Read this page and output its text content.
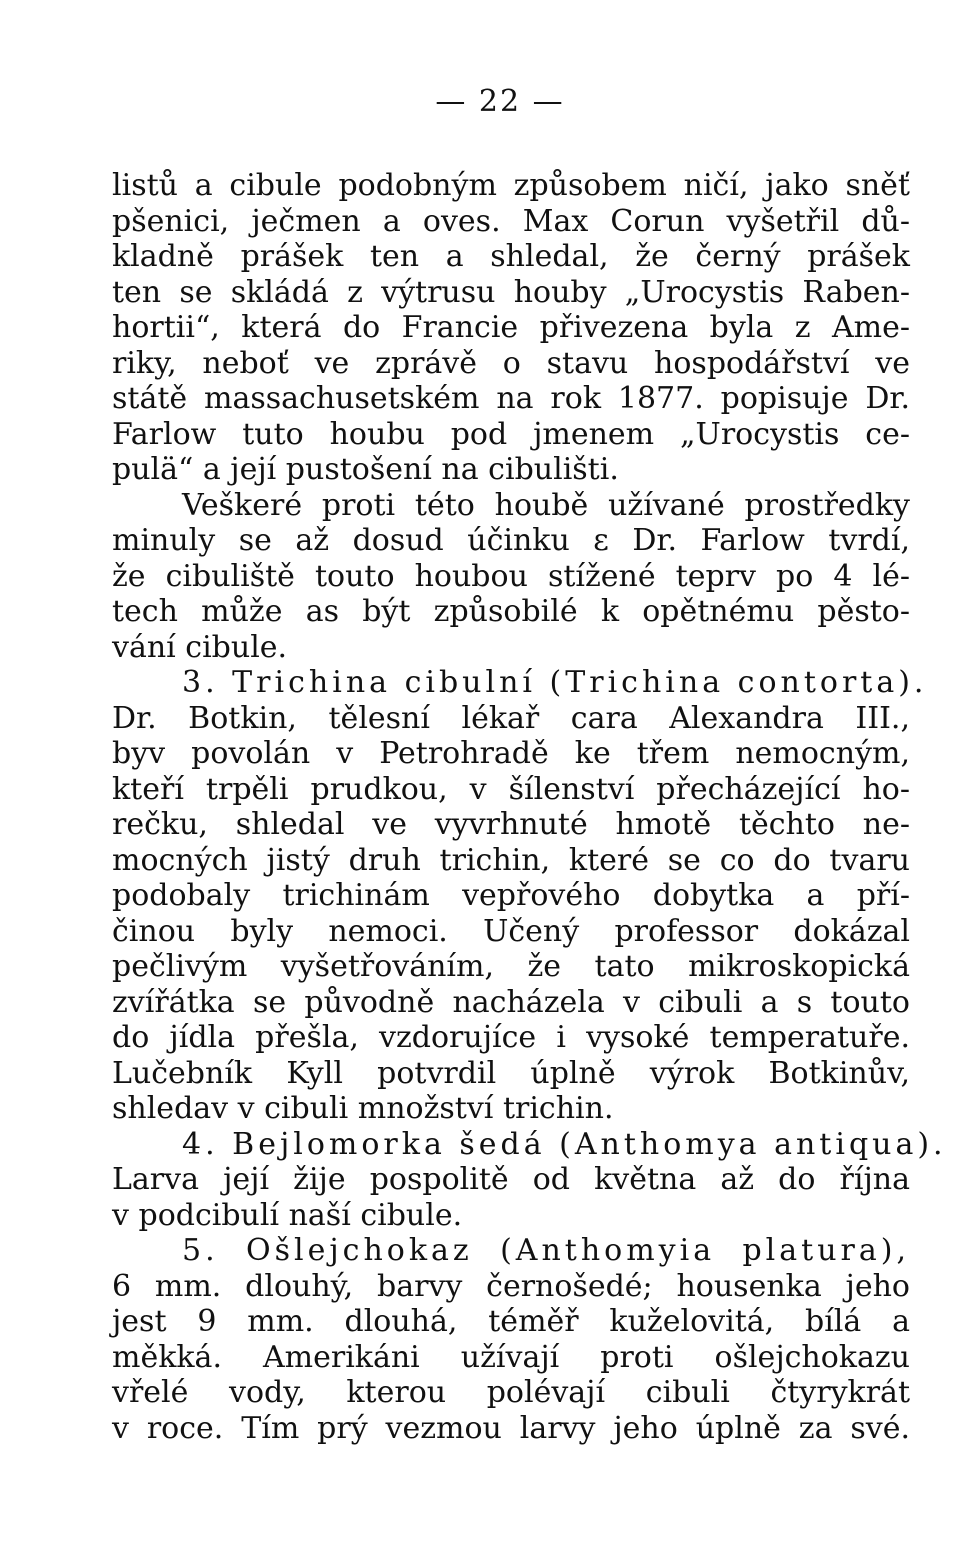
— 22 —
listů a cibule podobným způsobem ničí, jako sněť
pšenici, ječmen a oves. Max Corun vyšetřil dů-
kladně prášek ten a shledal, že černý prášek
ten se skládá z výtrusu houby „Urocystis Raben-
hortii“, která do Francie přivezena byla z Ame-
riky, neboť ve zprávě o stavu hospodářství ve
státě massachusetském na rok 1877. popisuje Dr.
Farlow tuto houbu pod jmenem „Urocystis ce-
pulä“ a její pustošení na cibulišti.
Veškeré proti této houbě užívané prostředky
minuly se až dosud účinku ε Dr. Farlow tvrdí,
že cibuliště touto houbou stížené teprv po 4 lé-
tech může as být způsobilé k opětnému pěsto-
vání cibule.
3. Trichina cibulní (Trichina contorta).
Dr. Botkin, tělesní lékař cara Alexandra III.,
byv povolán v Petrohradě ke třem nemocným,
kteří trpěli prudkou, v šílenství přecházející ho-
rečku, shledal ve vyvrhnuté hmotě těchto ne-
mocných jistý druh trichin, které se co do tvaru
podobaly trichinám vepřového dobytka a pří-
činou byly nemoci. Učený professor dokázal
pečlivým vyšetřováním, že tato mikroskopická
zvířátka se původně nacházela v cibuli a s touto
do jídla přešla, vzdorujíce i vysoké temperatuře.
Lučebník Kyll potvrdil úplně výrok Botkinův,
shledav v cibuli množství trichin.
4. Bejlomorka šedá (Anthomya antiqua).
Larva její žije pospolitě od května až do října
v podcibulí naší cibule.
5. Ošlejchokaz (Anthomyia platura),
6 mm. dlouhý, barvy černošedé; housenka jeho
jest 9 mm. dlouhá, téměř kuželovitá, bílá a
měkká. Amerikáni užívají proti ošlejchokazu
vřelé vody, kterou polévají cibuli čtyrykrát
v roce. Tím prý vezmou larvy jeho úplně za své.
